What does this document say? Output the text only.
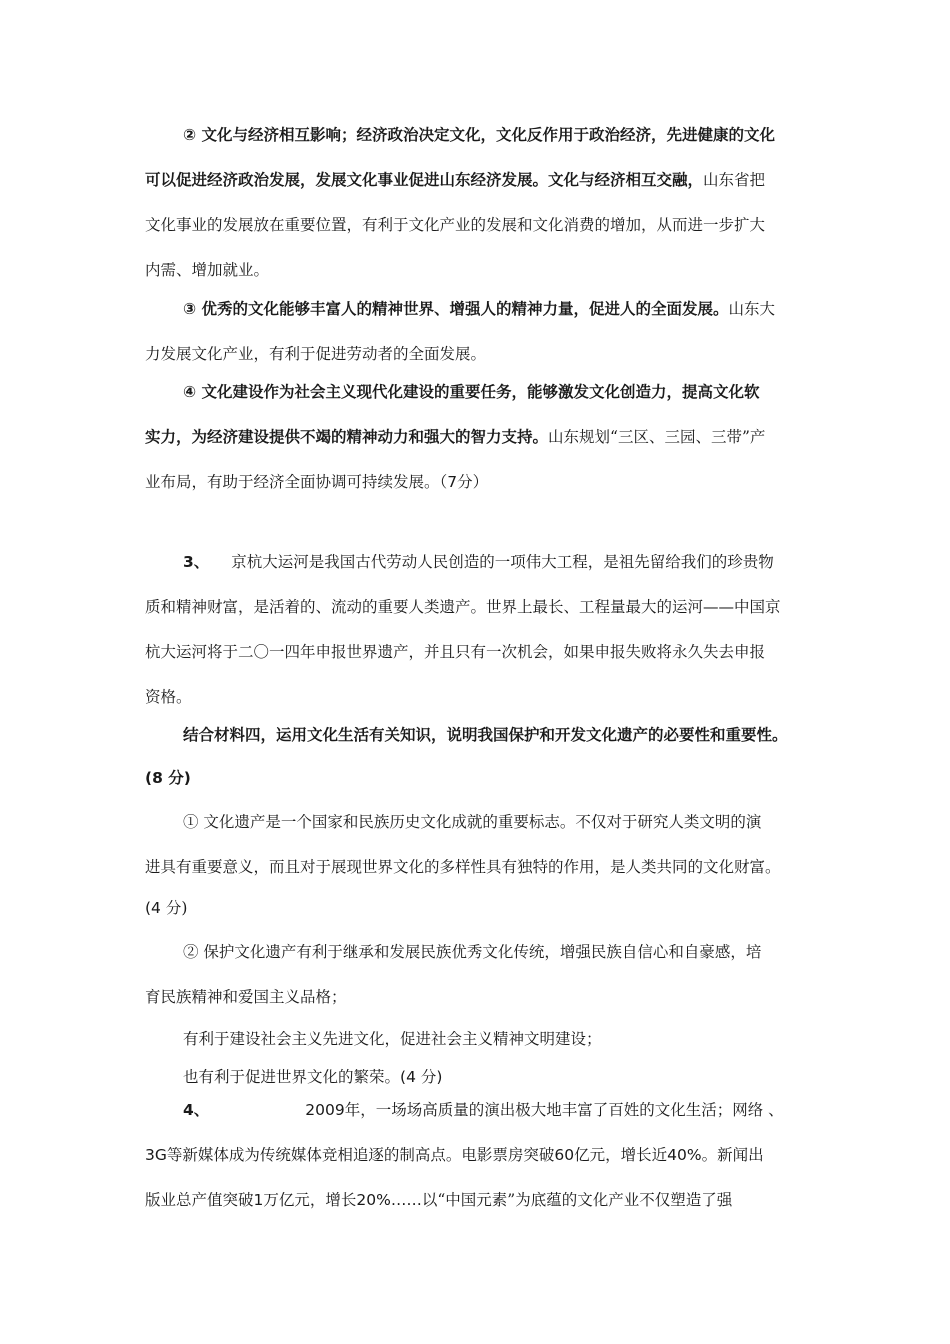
② 文化与经济相互影响；经济政治决定文化，文化反作用于政治经济，先进健康的文化
可以促进经济政治发展，发展文化事业促进山东经济发展。文化与经济相互交融，山东省把
文化事业的发展放在重要位置，有利于文化产业的发展和文化消费的增加，从而进一步扩大
内需、增加就业。
③ 优秀的文化能够丰富人的精神世界、增强人的精神力量，促进人的全面发展。山东大
力发展文化产业，有利于促进劳动者的全面发展。
④ 文化建设作为社会主义现代化建设的重要任务，能够激发文化创造力，提高文化软
实力，为经济建设提供不竭的精神动力和强大的智力支持。山东规划“三区、三园、三带”产
业布局，有助于经济全面协调可持续发展。（7分）
3、 京杭大运河是我国古代劳动人民创造的一项伟大工程，是祖先留给我们的珍贵物
质和精神财富，是活着的、流动的重要人类遗产。世界上最长、工程量最大的运河——中国京
杭大运河将于二〇一四年申报世界遗产，并且只有一次机会，如果申报失败将永久失去申报
资格。
结合材料四，运用文化生活有关知识，说明我国保护和开发文化遗产的必要性和重要性。
(8 分)
① 文化遗产是一个国家和民族历史文化成就的重要标志。不仅对于研究人类文明的演
进具有重要意义，而且对于展现世界文化的多样性具有独特的作用，是人类共同的文化财富。
(4 分)
② 保护文化遗产有利于继承和发展民族优秀文化传统，增强民族自信心和自豪感，培
育民族精神和爱国主义品格；
有利于建设社会主义先进文化，促进社会主义精神文明建设；
也有利于促进世界文化的繁荣。(4 分)
4、	2009年，一场场高质量的演出极大地丰富了百姓的文化生活；网络 、
3G等新媒体成为传统媒体竞相追逐的制高点。电影票房突破60亿元，增长近40%。新闻出
版业总产值突破1万亿元，增长20%……以“中国元素”为底蕴的文化产业不仅塑造了强
